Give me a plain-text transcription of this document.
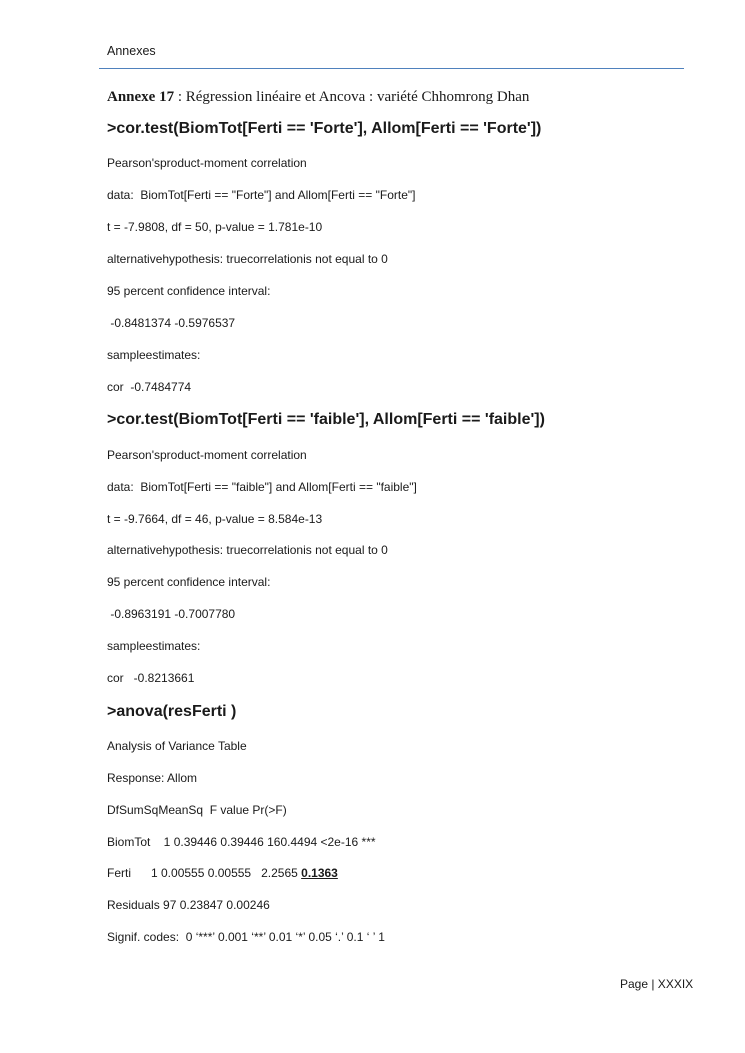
Annexes
Annexe 17 : Régression linéaire et Ancova : variété Chhomrong Dhan
>cor.test(BiomTot[Ferti == 'Forte'], Allom[Ferti == 'Forte'])
Pearson'sproduct-moment correlation
data:  BiomTot[Ferti == "Forte"] and Allom[Ferti == "Forte"]
t = -7.9808, df = 50, p-value = 1.781e-10
alternativehypothesis: truecorrelationis not equal to 0
95 percent confidence interval:
-0.8481374 -0.5976537
sampleestimates:
cor  -0.7484774
>cor.test(BiomTot[Ferti == 'faible'], Allom[Ferti == 'faible'])
Pearson'sproduct-moment correlation
data:  BiomTot[Ferti == "faible"] and Allom[Ferti == "faible"]
t = -9.7664, df = 46, p-value = 8.584e-13
alternativehypothesis: truecorrelationis not equal to 0
95 percent confidence interval:
-0.8963191 -0.7007780
sampleestimates:
cor   -0.8213661
>anova(resFerti )
Analysis of Variance Table
Response: Allom
DfSumSqMeanSq  F value Pr(>F)
BiomTot    1 0.39446 0.39446 160.4494 <2e-16 ***
Ferti      1 0.00555 0.00555   2.2565 0.1363
Residuals 97 0.23847 0.00246
Signif. codes:  0 ‘***’ 0.001 ‘**’ 0.01 ‘*’ 0.05 ‘.’ 0.1 ‘ ’ 1
Page | XXXIX
